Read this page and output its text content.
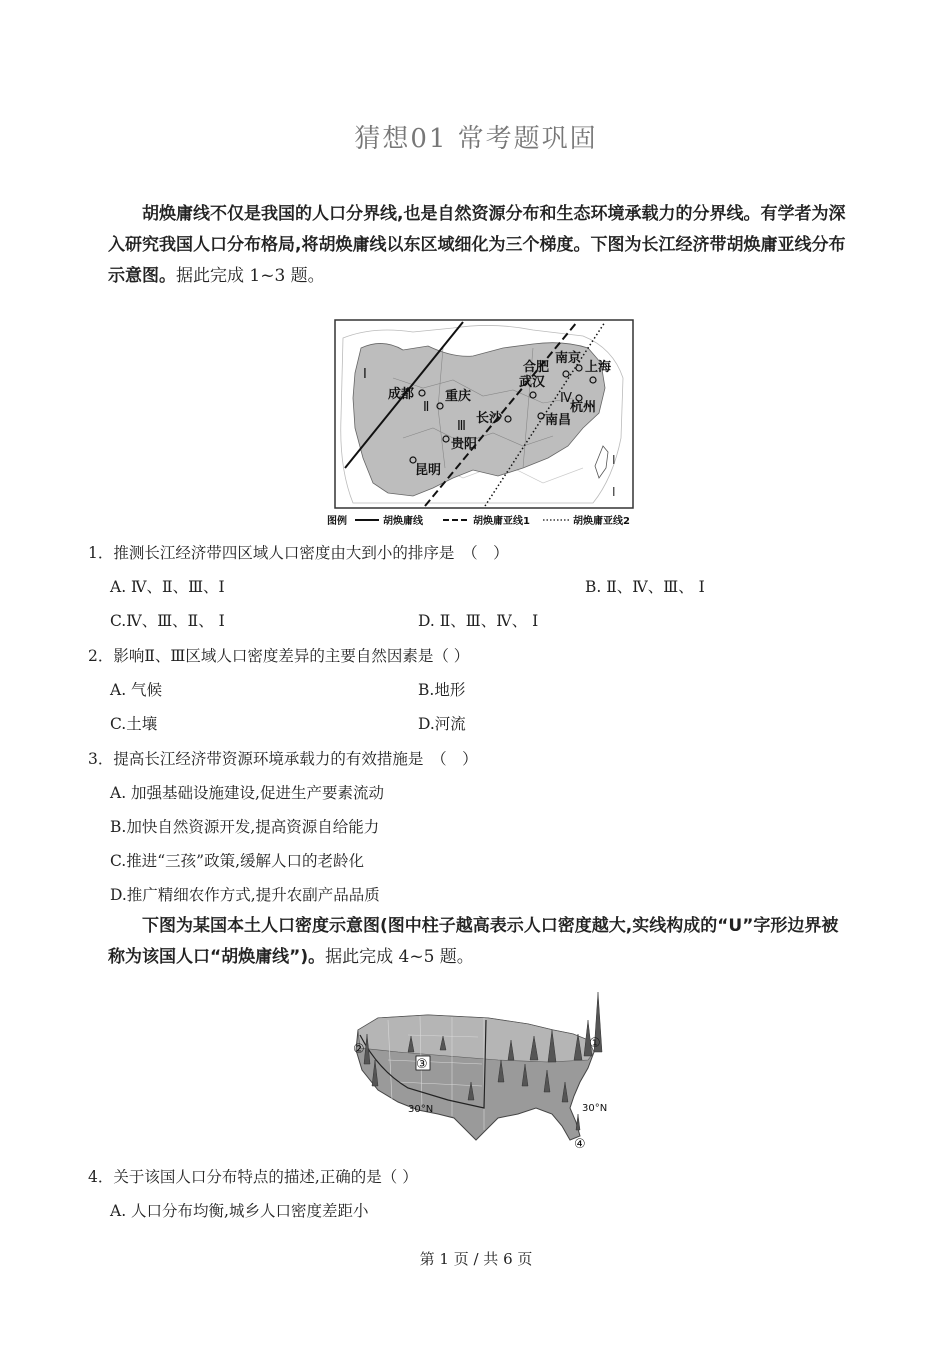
猜想01 常考题巩固
胡焕庸线不仅是我国的人口分界线,也是自然资源分布和生态环境承载力的分界线。有学者为深
入研究我国人口分布格局,将胡焕庸线以东区域细化为三个梯度。下图为长江经济带胡焕庸亚线分布
示意图。据此完成 1~3 题。
I
I
I
Ⅱ
Ⅲ
Ⅳ
成都 重庆
贵阳
昆明
长沙
武汉
合肥
南京
上海
杭州
南昌
图例	胡焕庸线	胡焕庸亚线1	胡焕庸亚线2
1．推测长江经济带四区域人口密度由大到小的排序是　（　）
A. Ⅳ、Ⅱ、Ⅲ、Ⅰ	B. Ⅱ、Ⅳ、Ⅲ、 Ⅰ
C.Ⅳ、Ⅲ、Ⅱ、 Ⅰ	D. Ⅱ、Ⅲ、Ⅳ、 Ⅰ
2．影响Ⅱ、Ⅲ区域人口密度差异的主要自然因素是（ ）
A. 气候	B.地形
C.土壤	D.河流
3．提高长江经济带资源环境承载力的有效措施是　（　）
A. 加强基础设施建设,促进生产要素流动
B.加快自然资源开发,提高资源自给能力
C.推进“三孩”政策,缓解人口的老龄化
D.推广精细农作方式,提升农副产品品质
下图为某国本土人口密度示意图(图中柱子越高表示人口密度越大,实线构成的“U”字形边界被
称为该国人口“胡焕庸线”)。据此完成 4~5 题。
①
②
③
④
30°N	30°N
4．关于该国人口分布特点的描述,正确的是（ ）
A. 人口分布均衡,城乡人口密度差距小
第 1 页 / 共 6 页
